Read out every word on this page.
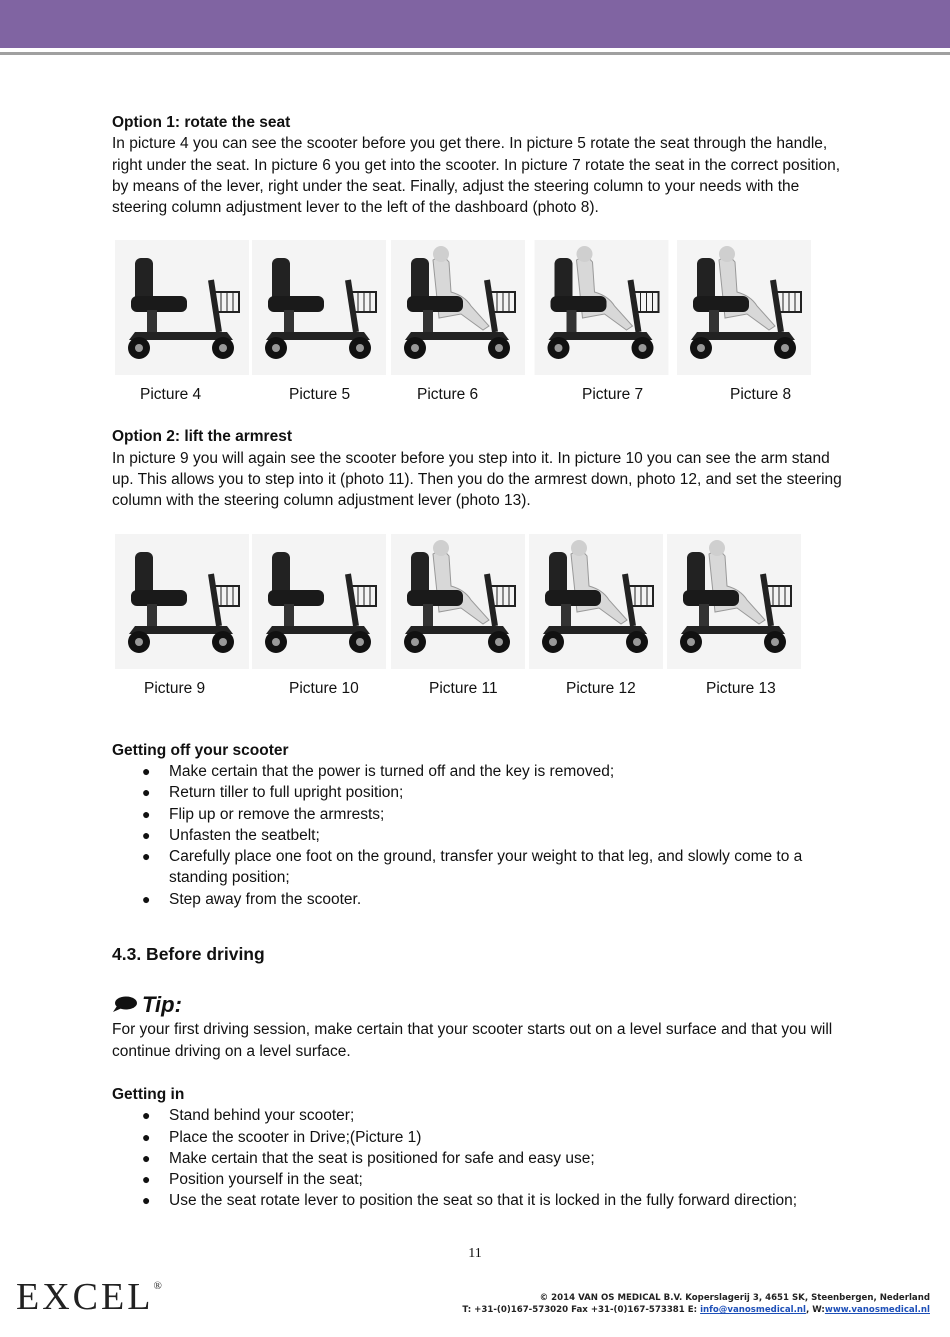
Option 1: rotate the seat

In picture 4 you can see the scooter before you get there. In picture 5 rotate the seat through the handle, right under the seat. In picture 6 you get into the scooter. In picture 7 rotate the seat in the correct position, by means of the lever, right under the seat. Finally, adjust the steering column to your needs with the steering column adjustment lever to the left of the dashboard (photo 8).

Picture 4	Picture 5	Picture 6	Picture 7	Picture 8

Option 2: lift the armrest

In picture 9 you will again see the scooter before you step into it. In picture 10 you can see the arm stand up. This allows you to step into it (photo 11). Then you do the armrest down, photo 12, and set the steering column with the steering column adjustment lever (photo 13).

Picture 9	Picture 10	Picture 11	Picture 12	Picture 13

Getting off your scooter

● Make certain that the power is turned off and the key is removed;
● Return tiller to full upright position;
● Flip up or remove the armrests;
● Unfasten the seatbelt;
● Carefully place one foot on the ground, transfer your weight to that leg, and slowly come to a standing position;
● Step away from the scooter.

4.3. Before driving

Tip:

For your first driving session, make certain that your scooter starts out on a level surface and that you will continue driving on a level surface.

Getting in

● Stand behind your scooter;
● Place the scooter in Drive;(Picture 1)
● Make certain that the seat is positioned for safe and easy use;
● Position yourself in the seat;
● Use the seat rotate lever to position the seat so that it is locked in the fully forward direction;
11
EXCEL®
© 2014 VAN OS MEDICAL B.V. Koperslagerij 3, 4651 SK, Steenbergen, Nederland
T: +31-(0)167-573020 Fax +31-(0)167-573381 E: info@vanosmedical.nl, W:www.vanosmedical.nl
